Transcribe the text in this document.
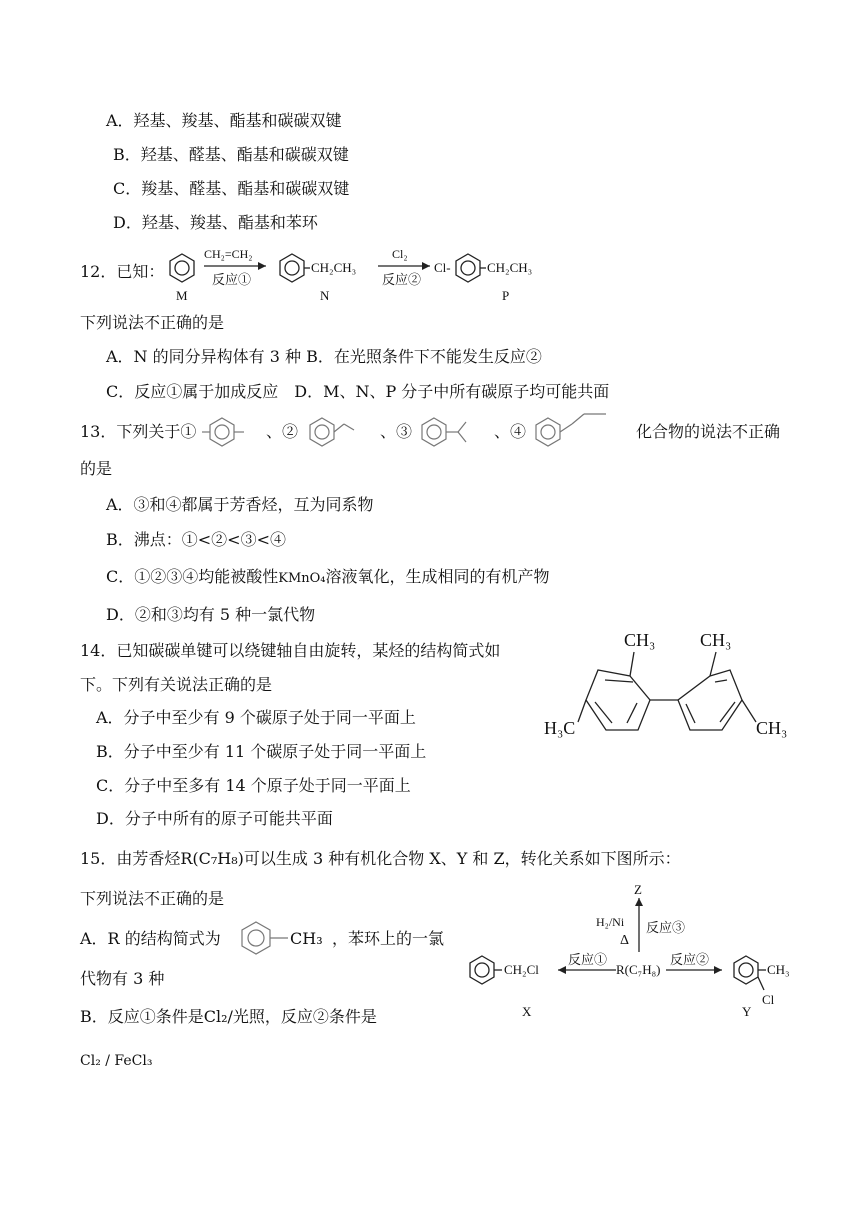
A．羟基、羧基、酯基和碳碳双键
B．羟基、醛基、酯基和碳碳双键
C．羧基、醛基、酯基和碳碳双键
D．羟基、羧基、酯基和苯环
12．已知：
M
CH₂=CH₂
反应①
CH₂CH₃
N
Cl₂
反应②
Cl-	CH₂CH₃
P
下列说法不正确的是
A．N 的同分异构体有 3 种 B．在光照条件下不能发生反应②
C．反应①属于加成反应　D．M、N、P 分子中所有碳原子均可能共面
13．下列关于①	、②	、③	、④	化合物的说法不正确
的是
A．③和④都属于芳香烃，互为同系物
B．沸点：①<②<③<④
C．①②③④均能被酸性KMnO₄溶液氧化，生成相同的有机产物
D．②和③均有 5 种一氯代物
14．已知碳碳单键可以绕键轴自由旋转，某烃的结构简式如
下。下列有关说法正确的是
A．分子中至少有 9 个碳原子处于同一平面上
B．分子中至少有 11 个碳原子处于同一平面上
C．分子中至多有 14 个原子处于同一平面上
D．分子中所有的原子可能共平面
CH₃ CH₃
H₃C	CH₃
15．由芳香烃R(C₇H₈)可以生成 3 种有机化合物 X、Y 和 Z，转化关系如下图所示：
下列说法不正确的是
A．R 的结构简式为	CH₃ ，苯环上的一氯
代物有 3 种
B．反应①条件是Cl₂/光照，反应②条件是
Cl₂ / FeCl₃
Z
H₂/Ni
Δ
反应③
CH₂Cl
X
反应①
R(C₇H₈)
反应②
CH₃
Cl
Y
